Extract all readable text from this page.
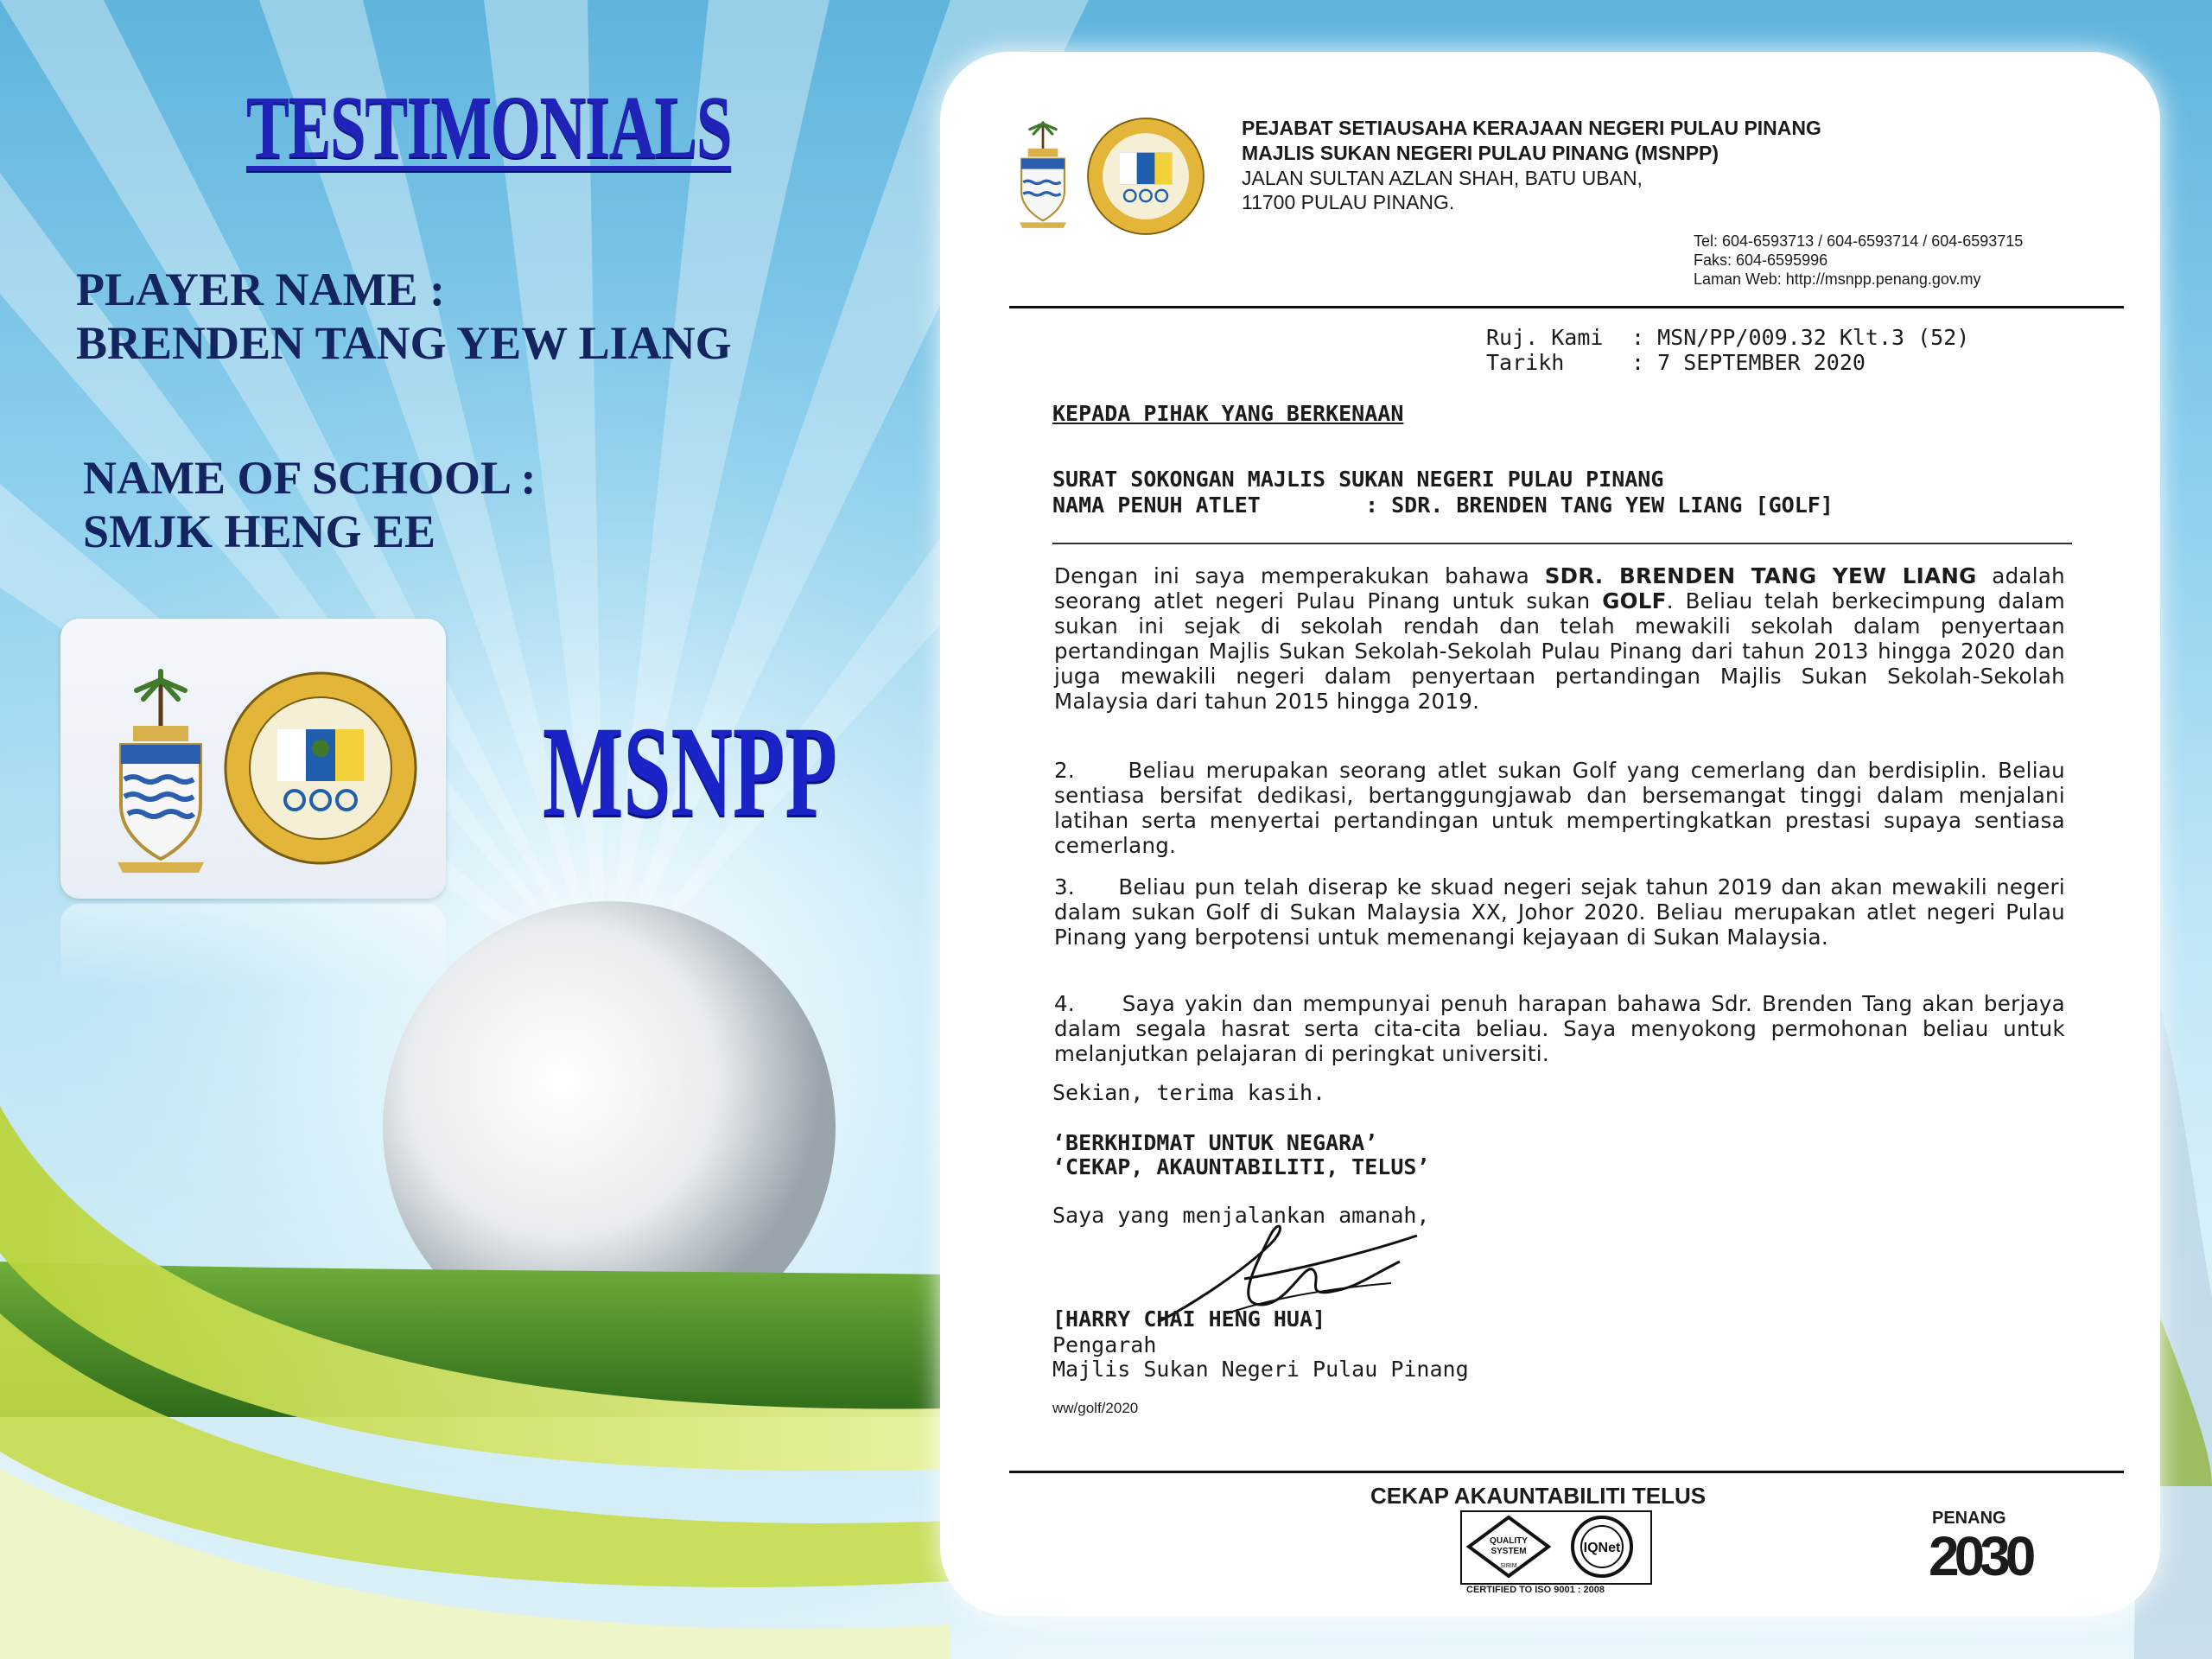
TESTIMONIALS
PLAYER NAME :
BRENDEN TANG YEW LIANG
NAME OF SCHOOL :
SMJK HENG EE
MSNPP
PEJABAT SETIAUSAHA KERAJAAN NEGERI PULAU PINANG
MAJLIS SUKAN NEGERI PULAU PINANG (MSNPP)
JALAN SULTAN AZLAN SHAH, BATU UBAN,
11700 PULAU PINANG.
Tel: 604-6593713 / 604-6593714 / 604-6593715
Faks: 604-6595996
Laman Web: http://msnpp.penang.gov.my
Ruj. Kami : MSN/PP/009.32 Klt.3 (52)
Tarikh	: 7 SEPTEMBER 2020
KEPADA PIHAK YANG BERKENAAN
SURAT SOKONGAN MAJLIS SUKAN NEGERI PULAU PINANG
NAMA PENUH ATLET	: SDR. BRENDEN TANG YEW LIANG [GOLF]
Dengan ini saya memperakukan bahawa SDR. BRENDEN TANG YEW LIANG adalah seorang atlet negeri Pulau Pinang untuk sukan GOLF. Beliau telah berkecimpung dalam sukan ini sejak di sekolah rendah dan telah mewakili sekolah dalam penyertaan pertandingan Majlis Sukan Sekolah-Sekolah Pulau Pinang dari tahun 2013 hingga 2020 dan juga mewakili negeri dalam penyertaan pertandingan Majlis Sukan Sekolah-Sekolah Malaysia dari tahun 2015 hingga 2019.
2.     Beliau merupakan seorang atlet sukan Golf yang cemerlang dan berdisiplin. Beliau sentiasa bersifat dedikasi, bertanggungjawab dan bersemangat tinggi dalam menjalani latihan serta menyertai pertandingan untuk mempertingkatkan prestasi supaya sentiasa cemerlang.
3.     Beliau pun telah diserap ke skuad negeri sejak tahun 2019 dan akan mewakili negeri dalam sukan Golf di Sukan Malaysia XX, Johor 2020. Beliau merupakan atlet negeri Pulau Pinang yang berpotensi untuk memenangi kejayaan di Sukan Malaysia.
4.     Saya yakin dan mempunyai penuh harapan bahawa Sdr. Brenden Tang akan berjaya dalam segala hasrat serta cita-cita beliau. Saya menyokong permohonan beliau untuk melanjutkan pelajaran di peringkat universiti.
Sekian, terima kasih.
‘BERKHIDMAT UNTUK NEGARA’
‘CEKAP, AKAUNTABILITI, TELUS’
Saya yang menjalankan amanah,
[HARRY CHAI HENG HUA]
Pengarah
Majlis Sukan Negeri Pulau Pinang
ww/golf/2020
CEKAP AKAUNTABILITI TELUS
QUALITY
SYSTEM
SIRIM
IQNet
CERTIFIED TO ISO 9001 : 2008
PENANG
2030
